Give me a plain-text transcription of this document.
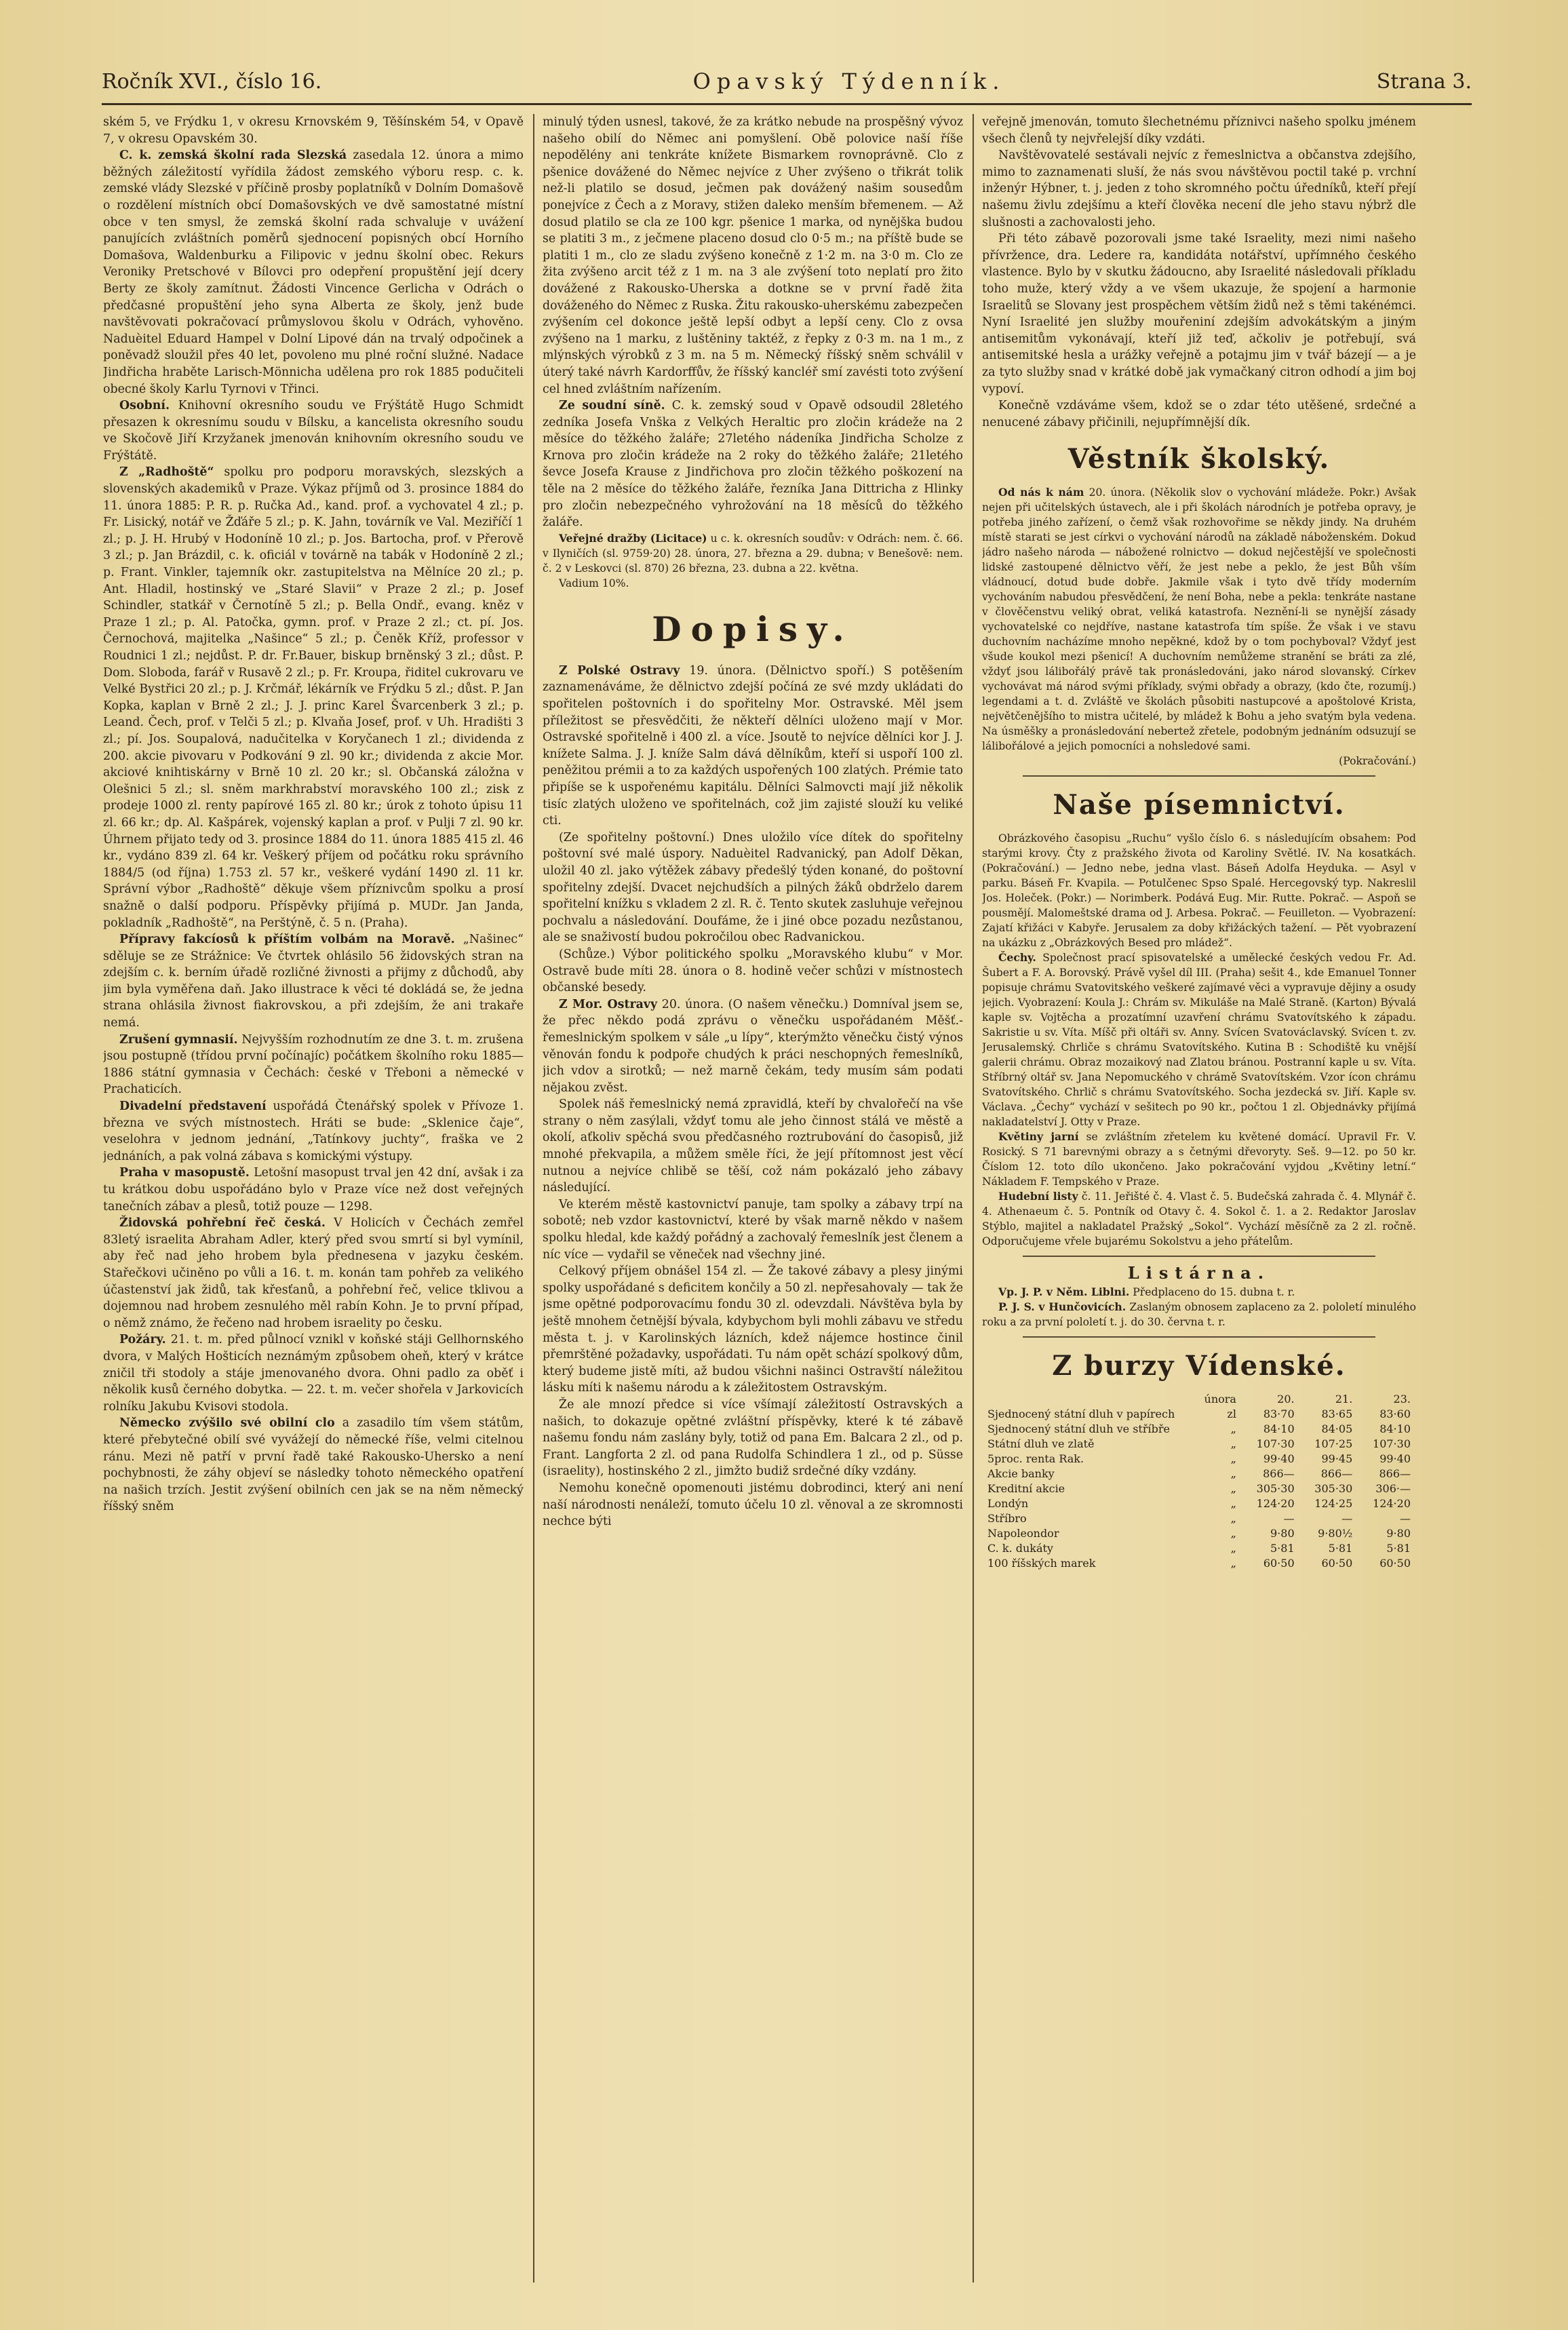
Ročník XVI., číslo 16.	Opavský Týdenník.	Strana 3.

ském 5, ve Frýdku 1, v okresu Krnovském 9, Těšínském 54, v Opavě 7, v okresu Opavském 30.

C. k. zemská školní rada Slezská zasedala 12. února a mimo běžných záležitostí vyřídila žádost zemského výboru resp. c. k. zemské vlády Slezské v příčině prosby poplatníků v Dolním Domašově o rozdělení místních obcí Domašovských ve dvě samostatné místní obce v ten smysl, že zemská školní rada schvaluje v uvážení panujících zvláštních poměrů sjednocení popisných obcí Horního Domašova, Waldenburku a Filipovic v jednu školní obec. Rekurs Veroniky Pretschové v Bílovci pro odepření propuštění její dcery Berty ze školy zamítnut. Žádosti Vincence Gerlicha v Odrách o předčasné propuštění jeho syna Alberta ze školy, jenž bude navštěvovati pokračovací průmyslovou školu v Odrách, vyhověno. Naduèitel Eduard Hampel v Dolní Lipové dán na trvalý odpočinek a poněvadž sloužil přes 40 let, povoleno mu plné roční služné. Nadace Jindřicha hraběte Larisch-Mönnicha udělena pro rok 1885 podučiteli obecné školy Karlu Tyrnovi v Třinci.

Osobní. Knihovní okresního soudu ve Frýštátě Hugo Schmidt přesazen k okresnímu soudu v Bílsku, a kancelista okresního soudu ve Skočově Jiří Krzyžanek jmenován knihovním okresního soudu ve Frýštátě.

Z „Radhoště“ spolku pro podporu moravských, slezských a slovenských akademiků v Praze. Výkaz příjmů od 3. prosince 1884 do 11. února 1885: P. R. p. Ručka Ad., kand. prof. a vychovatel 4 zl.; p. Fr. Lisický, notář ve Žďáře 5 zl.; p. K. Jahn, továrník ve Val. Meziříčí 1 zl.; p. J. H. Hrubý v Hodoníně 10 zl.; p. Jos. Bartocha, prof. v Přerově 3 zl.; p. Jan Brázdil, c. k. oficiál v továrně na tabák v Hodoníně 2 zl.; p. Frant. Vinkler, tajemník okr. zastupitelstva na Mělníce 20 zl.; p. Ant. Hladil, hostinský ve „Staré Slavii“ v Praze 2 zl.; p. Josef Schindler, statkář v Černotíně 5 zl.; p. Bella Ondř., evang. kněz v Praze 1 zl.; p. Al. Patočka, gymn. prof. v Praze 2 zl.; ct. pí. Jos. Černochová, majitelka „Našince“ 5 zl.; p. Čeněk Kříž, professor v Roudnici 1 zl.; nejdůst. P. dr. Fr.Bauer, biskup brněnský 3 zl.; důst. P. Dom. Sloboda, farář v Rusavě 2 zl.; p. Fr. Kroupa, řiditel cukrovaru ve Velké Bystřici 20 zl.; p. J. Krčmář, lékárník ve Frýdku 5 zl.; důst. P. Jan Kopka, kaplan v Brně 2 zl.; J. J. princ Karel Švarcenberk 3 zl.; p. Leand. Čech, prof. v Telči 5 zl.; p. Klvaňa Josef, prof. v Uh. Hradišti 3 zl.; pí. Jos. Soupalová, nadučitelka v Koryčanech 1 zl.; dividenda z 200. akcie pivovaru v Podkování 9 zl. 90 kr.; dividenda z akcie Mor. akciové knihtiskárny v Brně 10 zl. 20 kr.; sl. Občanská záložna v Olešnici 5 zl.; sl. sněm markhrabství moravského 100 zl.; zisk z prodeje 1000 zl. renty papírové 165 zl. 80 kr.; úrok z tohoto úpisu 11 zl. 66 kr.; dp. Al. Kašpárek, vojenský kaplan a prof. v Pulji 7 zl. 90 kr. Úhrnem přijato tedy od 3. prosince 1884 do 11. února 1885 415 zl. 46 kr., vydáno 839 zl. 64 kr. Veškerý příjem od počátku roku správního 1884/5 (od října) 1.753 zl. 57 kr., veškeré vydání 1490 zl. 11 kr. Správní výbor „Radhoště“ děkuje všem příznivcům spolku a prosí snažně o další podporu. Příspěvky přijímá p. MUDr. Jan Janda, pokladník „Radhoště“, na Perštýně, č. 5 n. (Praha).

Přípravy fakcíosů k příštím volbám na Moravě. „Našinec“ sděluje se ze Strážnice: Ve čtvrtek ohlásilo 56 židovských stran na zdejším c. k. berním úřadě rozličné živnosti a přijmy z důchodů, aby jim byla vyměřena daň. Jako illustrace k věci té dokládá se, že jedna strana ohlásila živnost fiakrovskou, a při zdejším, že ani trakaře nemá.

Zrušení gymnasií. Nejvyšším rozhodnutím ze dne 3. t. m. zrušena jsou postupně (třídou první počínajíc) počátkem školního roku 1885—1886 státní gymnasia v Čechách: české v Třeboni a německé v Prachaticích.

Divadelní představení uspořádá Čtenářský spolek v Přívoze 1. března ve svých místnostech. Hráti se bude: „Sklenice čaje“, veselohra v jednom jednání, „Tatínkovy juchty“, fraška ve 2 jednáních, a pak volná zábava s komickými výstupy.

Praha v masopustě. Letošní masopust trval jen 42 dní, avšak i za tu krátkou dobu uspořádáno bylo v Praze více než dost veřejných tanečních zábav a plesů, totiž pouze — 1298.

Židovská pohřební řeč česká. V Holicích v Čechách zemřel 83letý israelita Abraham Adler, který před svou smrtí si byl vymínil, aby řeč nad jeho hrobem byla přednesena v jazyku českém. Stařečkovi učiněno po vůli a 16. t. m. konán tam pohřeb za velikého účastenství jak židů, tak křesťanů, a pohřební řeč, velice tklivou a dojemnou nad hrobem zesnulého měl rabín Kohn. Je to první případ, o němž známo, že řečeno nad hrobem israelity po česku.

Požáry. 21. t. m. před půlnocí vznikl v koňské stáji Gellhornského dvora, v Malých Hošticích neznámým způsobem oheň, který v krátce zničil tři stodoly a stáje jmenovaného dvora. Ohni padlo za oběť i několik kusů černého dobytka. — 22. t. m. večer shořela v Jarkovicích rolníku Jakubu Kvisovi stodola.

Německo zvýšilo své obilní clo a zasadilo tím všem státům, které přebytečné obilí své vyvážejí do německé říše, velmi citelnou ránu. Mezi ně patří v první řadě také Rakousko-Uhersko a není pochybnosti, že záhy objeví se následky tohoto německého opatření na našich trzích. Jestit zvýšení obilních cen jak se na něm německý říšský sněm

minulý týden usnesl, takové, že za krátko nebude na prospěšný vývoz našeho obilí do Němec ani pomyšlení. Obě polovice naší říše nepodělény ani tenkráte knížete Bismarkem rovnoprávně. Clo z pšenice dovážené do Němec nejvíce z Uher zvýšeno o třikrát tolik než-li platilo se dosud, ječmen pak dovážený našim sousedům ponejvíce z Čech a z Moravy, stižen daleko menším břemenem. — Až dosud platilo se cla ze 100 kgr. pšenice 1 marka, od nynějška budou se platiti 3 m., z ječmene placeno dosud clo 0·5 m.; na příště bude se platiti 1 m., clo ze sladu zvýšeno konečně z 1·2 m. na 3·0 m. Clo ze žita zvýšeno arcit též z 1 m. na 3 ale zvýšení toto neplatí pro žito dovážené z Rakousko-Uherska a dotkne se v první řadě žita dováženého do Němec z Ruska. Žitu rakousko-uherskému zabezpečen zvýšením cel dokonce ještě lepší odbyt a lepší ceny. Clo z ovsa zvýšeno na 1 marku, z luštěniny taktéž, z řepky z 0·3 m. na 1 m., z mlýnských výrobků z 3 m. na 5 m. Německý říšský sněm schválil v úterý také návrh Kardorffův, že říšský kancléř smí zavésti toto zvýšení cel hned zvláštním nařízením.

Ze soudní síně. C. k. zemský soud v Opavě odsoudil 28letého zedníka Josefa Vnška z Velkých Heraltic pro zločin krádeže na 2 měsíce do těžkého žaláře; 27letého nádeníka Jindřicha Scholze z Krnova pro zločin krádeže na 2 roky do těžkého žaláře; 21letého ševce Josefa Krause z Jindřichova pro zločin těžkého poškození na těle na 2 měsíce do těžkého žaláře, řezníka Jana Dittricha z Hlinky pro zločin nebezpečného vyhrožování na 18 měsíců do těžkého žaláře.

Veřejné dražby (Licitace) u c. k. okresních soudův: v Odrách: nem. č. 66. v Ilyničích (sl. 9759·20) 28. února, 27. března a 29. dubna; v Benešově: nem. č. 2 v Leskovci (sl. 870) 26 března, 23. dubna a 22. května.

Vadium 10%.

Dopisy.

Z Polské Ostravy 19. února. (Dělnictvo spoří.) S potěšením zaznamenáváme, že dělnictvo zdejší počíná ze své mzdy ukládati do spořitelen poštovních i do spořitelny Mor. Ostravské. Měl jsem příležitost se přesvědčiti, že někteří dělníci uloženo mají v Mor. Ostravské spořitelně i 400 zl. a více. Jsoutě to nejvíce dělníci kor J. J. knížete Salma. J. J. kníže Salm dává dělníkům, kteří si uspoří 100 zl. peněžitou prémii a to za každých uspořených 100 zlatých. Prémie tato připíše se k uspořenému kapitálu. Dělníci Salmovcti mají již několik tisíc zlatých uloženo ve spořitelnách, což jim zajisté slouží ku veliké cti.

(Ze spořitelny poštovní.) Dnes uložilo více dítek do spořitelny poštovní své malé úspory. Naduèitel Radvanický, pan Adolf Děkan, uložil 40 zl. jako výtěžek zábavy předešlý týden konané, do poštovní spořitelny zdejší. Dvacet nejchudších a pilných žáků obdrželo darem spořitelní knížku s vkladem 2 zl. R. č. Tento skutek zasluhuje veřejnou pochvalu a následování. Doufáme, že i jiné obce pozadu nezůstanou, ale se snaživostí budou pokročilou obec Radvanickou.

(Schůze.) Výbor politického spolku „Moravského klubu“ v Mor. Ostravě bude míti 28. února o 8. hodině večer schůzi v místnostech občanské besedy.

Z Mor. Ostravy 20. února. (O našem věnečku.) Domníval jsem se, že přec někdo podá zprávu o věnečku uspořádaném Měšť.-řemeslnickým spolkem v sále „u lípy“, kterýmžto věnečku čistý výnos věnován fondu k podpoře chudých k práci neschopných řemeslníků, jich vdov a sirotků; — než marně čekám, tedy musím sám podati nějakou zvěst.

Spolek náš řemeslnický nemá zpravidlá, kteří by chvalořečí na vše strany o něm zasýlali, vždyť tomu ale jeho činnost stálá ve městě a okolí, aťkoliv spěchá svou předčasného roztrubování do časopisů, již mnohé překvapila, a můžem směle říci, že její přítomnost jest věcí nutnou a nejvíce chlibě se těší, což nám pokázaló jeho zábavy následující.

Ve kterém městě kastovnictví panuje, tam spolky a zábavy trpí na sobotě; neb vzdor kastovnictví, které by však marně někdo v našem spolku hledal, kde každý pořádný a zachovalý řemeslník jest členem a níc více — vydařil se věneček nad všechny jiné.

Celkový příjem obnášel 154 zl. — Že takové zábavy a plesy jinými spolky uspořádané s deficitem končily a 50 zl. nepřesahovaly — tak že jsme opětné podporovacímu fondu 30 zl. odevzdali. Návštěva byla by ještě mnohem četnější bývala, kdybychom byli mohli zábavu ve středu města t. j. v Karolinských lázních, kdež nájemce hostince činil přemrštěné požadavky, uspořádati. Tu nám opět schází spolkový dům, který budeme jistě míti, až budou všichni našinci Ostravští náležitou lásku míti k našemu národu a k záležitostem Ostravským.

Že ale mnozí předce si více všímají záležitostí Ostravských a našich, to dokazuje opětné zvláštní příspěvky, které k té zábavě našemu fondu nám zaslány byly, totiž od pana Em. Balcara 2 zl., od p. Frant. Langforta 2 zl. od pana Rudolfa Schindlera 1 zl., od p. Süsse (israelity), hostinského 2 zl., jimžto budiž srdečné díky vzdány.

Nemohu konečně opomenouti jistému dobrodinci, který ani není naší národnosti nenáleží, tomuto účelu 10 zl. věnoval a ze skromnosti nechce býti

veřejně jmenován, tomuto šlechetnému příznivci našeho spolku jménem všech členů ty nejvřelejší díky vzdáti.

Navštěvovatelé sestávali nejvíc z řemeslnictva a občanstva zdejšího, mimo to zaznamenati sluší, že nás svou návštěvou poctil také p. vrchní inženýr Hýbner, t. j. jeden z toho skromného počtu úředníků, kteří přejí našemu živlu zdejšímu a kteří člověka necení dle jeho stavu nýbrž dle slušnosti a zachovalosti jeho.

Při této zábavě pozorovali jsme také Israelity, mezi nimi našeho přívržence, dra. Ledere ra, kandidáta notářství, upřímného českého vlastence. Bylo by v skutku žádoucno, aby Israelité následovali příkladu toho muže, který vždy a ve všem ukazuje, že spojení a harmonie Israelitů se Slovany jest prospěchem větším židů než s těmi takénémci. Nyní Israelité jen služby mouřeniní zdejším advokátským a jiným antisemitům vykonávají, kteří již teď, ačkoliv je potřebují, svá antisemitské hesla a urážky veřejně a potajmu jim v tvář bázejí — a je za tyto služby snad v krátké době jak vymačkaný citron odhodí a jim boj vypoví.

Konečně vzdáváme všem, kdož se o zdar této utěšené, srdečné a nenucené zábavy přičinili, nejupřímnější dík.

Věstník školský.

Od nás k nám 20. února. (Několik slov o vychování mládeže. Pokr.) Avšak nejen při učitelských ústavech, ale i při školách národních je potřeba opravy, je potřeba jiného zařízení, o čemž však rozhovořime se někdy jindy. Na druhém místě starati se jest církvi o vychování národů na základě náboženském. Dokud jádro našeho národa — nábožené rolnictvo — dokud nejčestější ve společnosti lidské zastoupené dělnictvo věří, že jest nebe a peklo, že jest Bůh vším vládnoucí, dotud bude dobře. Jakmile však i tyto dvě třídy moderním vychováním nabudou přesvědčení, že není Boha, nebe a pekla: tenkráte nastane v člověčenstvu veliký obrat, veliká katastrofa. Neznění-li se nynější zásady vychovatelské co nejdříve, nastane katastrofa tím spíše. Že však i ve stavu duchovním nacházíme mnoho nepěkné, kdož by o tom pochyboval? Vždyť jest všude koukol mezi pšenicí! A duchovním nemůžeme stranění se bráti za zlé, vždyť jsou lálibořálý právě tak pronásledováni, jako národ slovanský. Církev vychovávat má národ svými příklady, svými obřady a obrazy, (kdo čte, rozumíj.) legendami a t. d. Zvláště ve školách působiti nastupcové a apoštolové Krista, největčenějšího to mistra učitelé, by mládež k Bohu a jeho svatým byla vedena. Na úsměšky a pronásledování nebertež zřetele, podobným jednáním odsuzují se lálibořálové a jejich pomocníci a nohsledové sami.

(Pokračování.)

Naše písemnictví.

Obrázkového časopisu „Ruchu“ vyšlo číslo 6. s následujícím obsahem: Pod starými krovy. Čty z pražského života od Karoliny Světlé. IV. Na kosatkách. (Pokračování.) — Jedno nebe, jedna vlast. Báseň Adolfa Heyduka. — Asyl v parku. Báseň Fr. Kvapila. — Potulčenec Spso Spalé. Hercegovský typ. Nakreslil Jos. Holeček. (Pokr.) — Norimberk. Podává Eug. Mir. Rutte. Pokrač. — Aspoň se pousmějí. Malomeštské drama od J. Arbesa. Pokrač. — Feuilleton. — Vyobrazení: Zajatí křižáci v Kabyře. Jerusalem za doby křižáckých tažení. — Pět vyobrazení na ukázku z „Obrázkových Besed pro mládež“.

Čechy. Společnost prací spisovatelské a umělecké českých vedou Fr. Ad. Šubert a F. A. Borovský. Právě vyšel díl III. (Praha) sešit 4., kde Emanuel Tonner popisuje chrámu Svatovitského veškeré zajímavé věci a vypravuje dějiny a osudy jejich. Vyobrazení: Koula J.: Chrám sv. Mikuláše na Malé Straně. (Karton) Bývalá kaple sv. Vojtěcha a prozatímní uzavření chrámu Svatovítského k západu. Sakristie u sv. Víta. Míšč při oltáři sv. Anny. Svícen Svatováclavský. Svícen t. zv. Jerusalemský. Chrliče s chrámu Svatovítského. Kutina B : Schodiště ku vnější galerii chrámu. Obraz mozaikový nad Zlatou bránou. Postranní kaple u sv. Víta. Stříbrný oltář sv. Jana Nepomuckého v chrámě Svatovítském. Vzor ícon chrámu Svatovítského. Chrlič s chrámu Svatovítského. Socha jezdecká sv. Jiří. Kaple sv. Václava. „Čechy“ vychází v sešitech po 90 kr., počtou 1 zl. Objednávky přijímá nakladatelství J. Otty v Praze.

Květiny jarní se zvláštním zřetelem ku květené domácí. Upravil Fr. V. Rosický. S 71 barevnými obrazy a s četnými dřevoryty. Seš. 9—12. po 50 kr. Číslom 12. toto dílo ukončeno. Jako pokračování vyjdou „Květiny letní.“ Nákladem F. Tempského v Praze.

Hudební listy č. 11. Jeřišté č. 4. Vlast č. 5. Budečská zahrada č. 4. Mlynář č. 4. Athenaeum č. 5. Pontník od Otavy č. 4. Sokol č. 1. a 2. Redaktor Jaroslav Stýblo, majitel a nakladatel Pražský „Sokol“. Vychází měsíčně za 2 zl. ročně. Odporučujeme vřele bujarému Sokolstvu a jeho přátelům.

Listárna.

Vp. J. P. v Něm. Liblni. Předplaceno do 15. dubna t. r.

P. J. S. v Hunčovicích. Zaslaným obnosem zaplaceno za 2. pololetí minulého roku a za první pololetí t. j. do 30. června t. r.

Z burzy Vídenské.
února		20.	21.	23.
Sjednocený státní dluh v papírech	zl	83·70	83·65	83·60
Sjednocený státní dluh ve stříbře	„	84·10	84·05	84·10
Státní dluh ve zlatě	„	107·30	107·25	107·30
5proc. renta Rak.	„	99·40	99·45	99·40
Akcie banky	„	866—	866—	866—
Kreditní akcie	„	305·30	305·30	306·—
Londýn	„	124·20	124·25	124·20
Stříbro	„	—	—	—
Napoleondor	„	9·80	9·80½	9·80
C. k. dukáty	„	5·81	5·81	5·81
100 říšských marek	„	60·50	60·50	60·50
